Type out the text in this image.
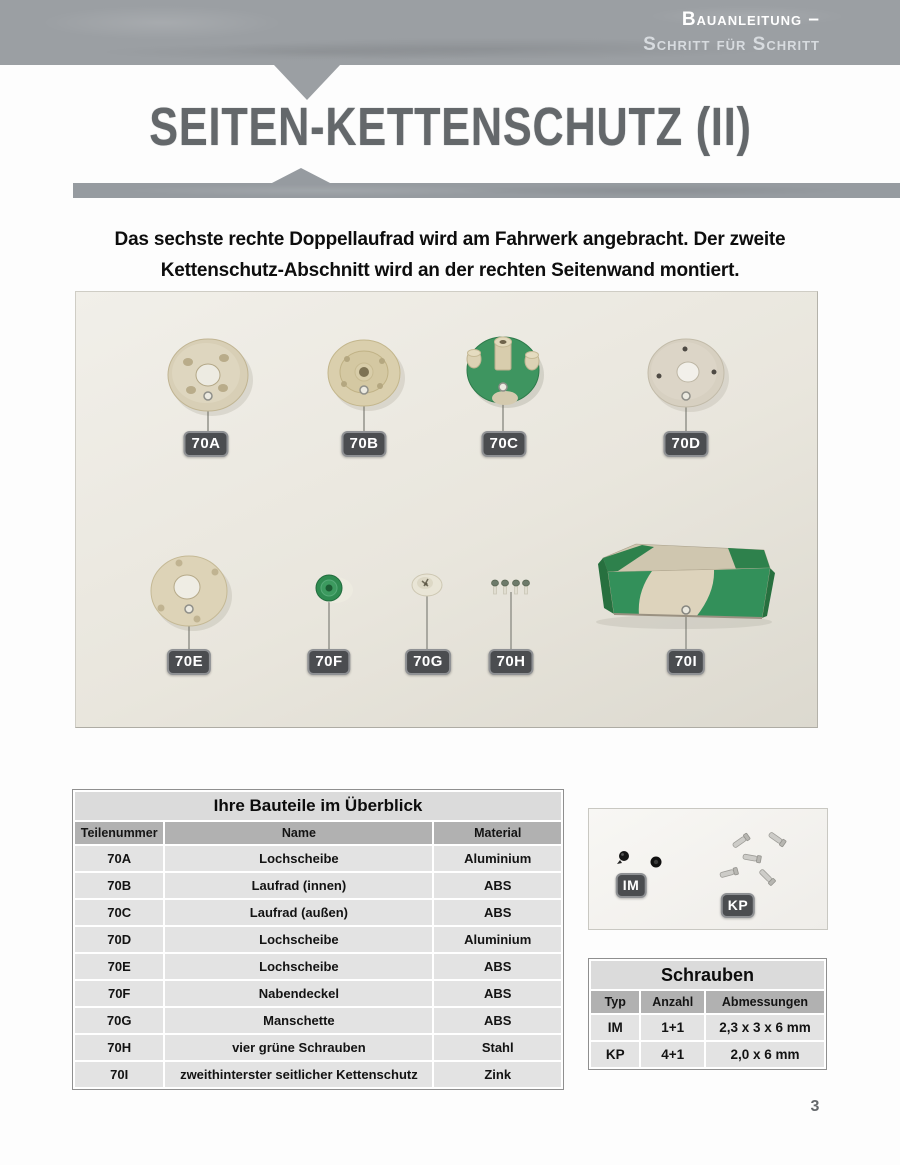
Bauanleitung –
Schritt für Schritt
SEITEN-KETTENSCHUTZ (II)
Das sechste rechte Doppellaufrad wird am Fahrwerk angebracht. Der zweite
Kettenschutz-Abschnitt wird an der rechten Seitenwand montiert.
70A	70B	70C	70D
70E	70F	70G	70H	70I
Ihre Bauteile im Überblick		
Teilenummer	Name	Material
70A	Lochscheibe	Aluminium
70B	Laufrad (innen)	ABS
70C	Laufrad (außen)	ABS
70D	Lochscheibe	Aluminium
70E	Lochscheibe	ABS
70F	Nabendeckel	ABS
70G	Manschette	ABS
70H	vier grüne Schrauben	Stahl
70I	zweithinterster seitlicher Kettenschutz	Zink
IM
KP
Schrauben		
Typ	Anzahl	Abmessungen
IM	1+1	2,3 x 3 x 6 mm
KP	4+1	2,0 x 6 mm
3
